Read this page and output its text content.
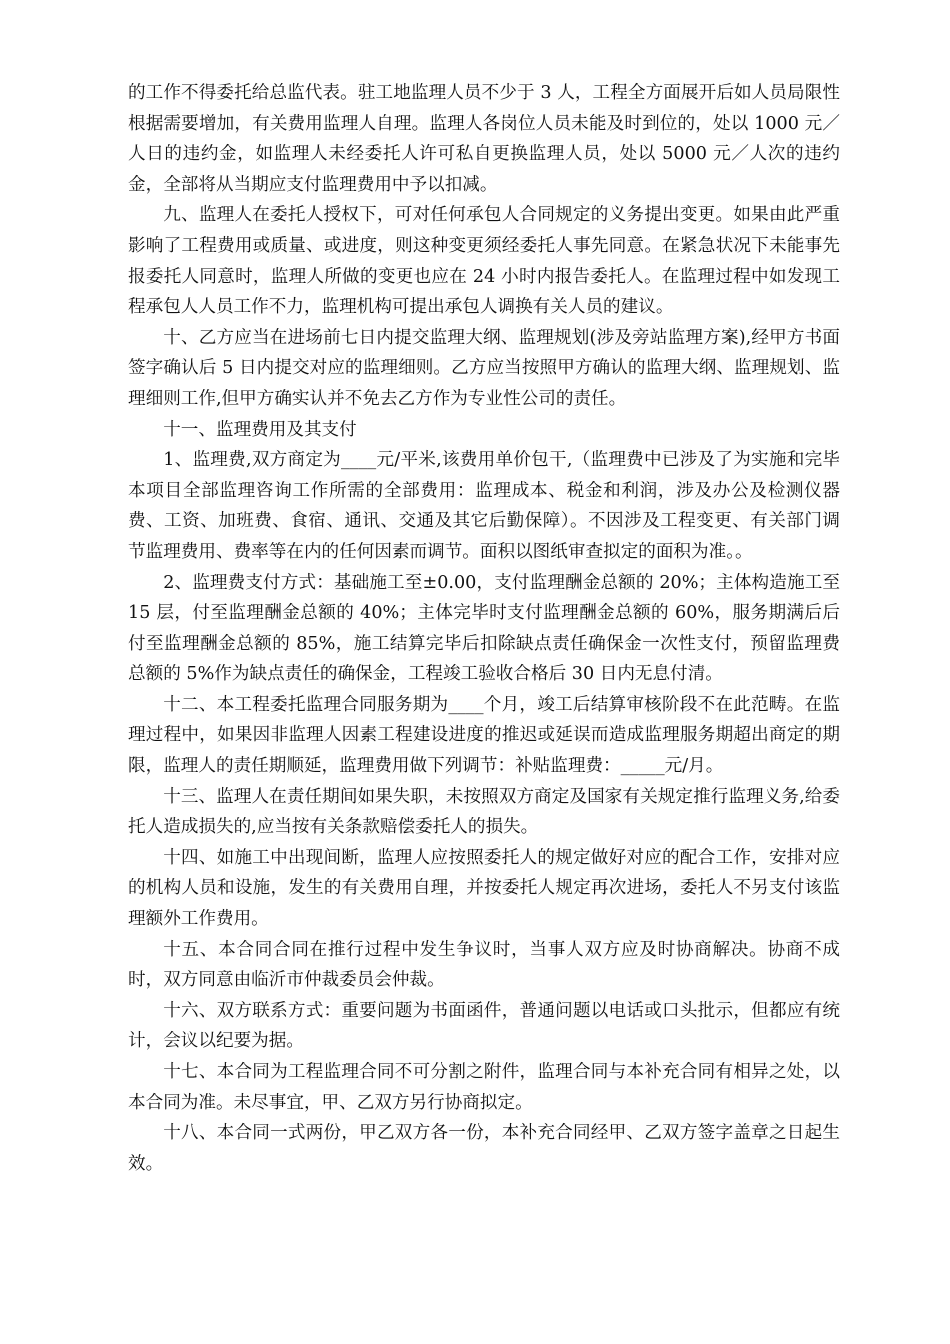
的工作不得委托给总监代表。驻工地监理人员不少于 3 人，工程全方面展开后如人员局限性根据需要增加，有关费用监理人自理。监理人各岗位人员未能及时到位的，处以 1000 元／人日的违约金，如监理人未经委托人许可私自更换监理人员，处以 5000 元／人次的违约金，全部将从当期应支付监理费用中予以扣减。

九、监理人在委托人授权下，可对任何承包人合同规定的义务提出变更。如果由此严重影响了工程费用或质量、或进度，则这种变更须经委托人事先同意。在紧急状况下未能事先报委托人同意时，监理人所做的变更也应在 24 小时内报告委托人。在监理过程中如发现工程承包人人员工作不力，监理机构可提出承包人调换有关人员的建议。

十、乙方应当在进场前七日内提交监理大纲、监理规划(涉及旁站监理方案),经甲方书面签字确认后 5 日内提交对应的监理细则。乙方应当按照甲方确认的监理大纲、监理规划、监理细则工作,但甲方确实认并不免去乙方作为专业性公司的责任。

十一、监理费用及其支付

1、监理费,双方商定为____元/平米,该费用单价包干,（监理费中已涉及了为实施和完毕本项目全部监理咨询工作所需的全部费用：监理成本、税金和利润，涉及办公及检测仪器费、工资、加班费、食宿、通讯、交通及其它后勤保障）。不因涉及工程变更、有关部门调节监理费用、费率等在内的任何因素而调节。面积以图纸审查拟定的面积为准。。

2、监理费支付方式：基础施工至±0.00，支付监理酬金总额的 20%；主体构造施工至 15 层，付至监理酬金总额的 40%；主体完毕时支付监理酬金总额的 60%，服务期满后后付至监理酬金总额的 85%，施工结算完毕后扣除缺点责任确保金一次性支付，预留监理费总额的 5%作为缺点责任的确保金，工程竣工验收合格后 30 日内无息付清。

十二、本工程委托监理合同服务期为____个月，竣工后结算审核阶段不在此范畴。在监理过程中，如果因非监理人因素工程建设进度的推迟或延误而造成监理服务期超出商定的期限，监理人的责任期顺延，监理费用做下列调节：补贴监理费：_____元/月。

十三、监理人在责任期间如果失职，未按照双方商定及国家有关规定推行监理义务,给委托人造成损失的,应当按有关条款赔偿委托人的损失。

十四、如施工中出现间断，监理人应按照委托人的规定做好对应的配合工作，安排对应的机构人员和设施，发生的有关费用自理，并按委托人规定再次进场，委托人不另支付该监理额外工作费用。

十五、本合同合同在推行过程中发生争议时，当事人双方应及时协商解决。协商不成时，双方同意由临沂市仲裁委员会仲裁。

十六、双方联系方式：重要问题为书面函件，普通问题以电话或口头批示，但都应有统计，会议以纪要为据。

十七、本合同为工程监理合同不可分割之附件，监理合同与本补充合同有相异之处，以本合同为准。未尽事宜，甲、乙双方另行协商拟定。

十八、本合同一式两份，甲乙双方各一份，本补充合同经甲、乙双方签字盖章之日起生效。
